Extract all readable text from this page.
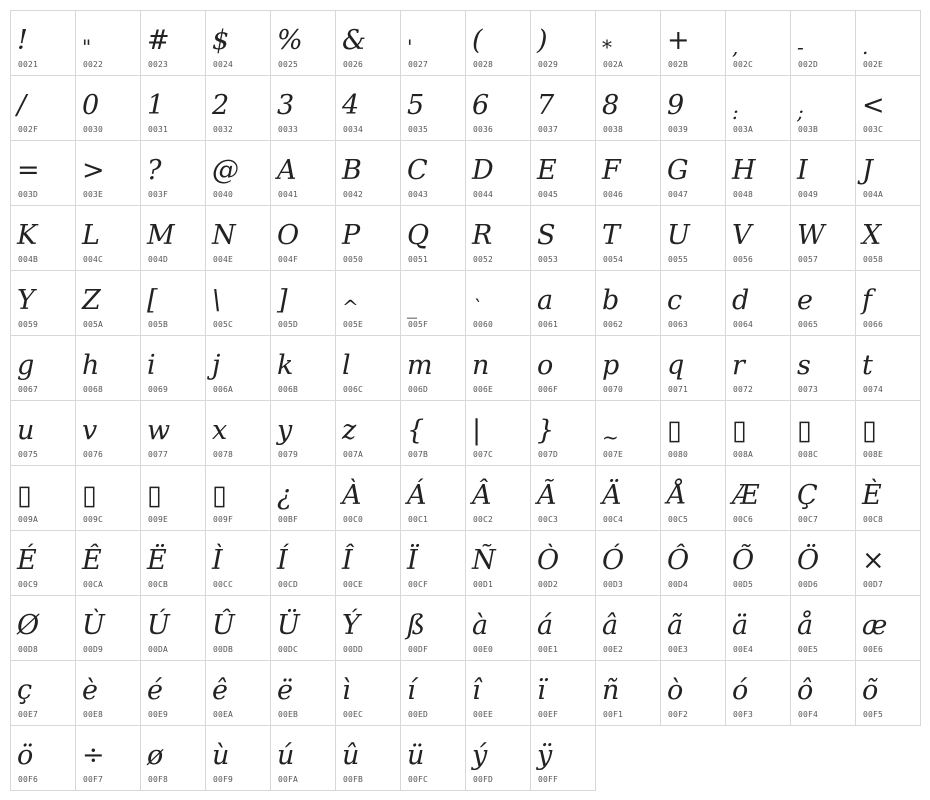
!
0021
"
0022
#
0023
$
0024
%
0025
&
0026
'
0027
(
0028
)
0029
*
002A
+
002B
,
002C
-
002D
.
002E
/
002F
0
0030
1
0031
2
0032
3
0033
4
0034
5
0035
6
0036
7
0037
8
0038
9
0039
:
003A
;
003B
<
003C
=
003D
>
003E
?
003F
@
0040
A
0041
B
0042
C
0043
D
0044
E
0045
F
0046
G
0047
H
0048
I
0049
J
004A
K
004B
L
004C
M
004D
N
004E
O
004F
P
0050
Q
0051
R
0052
S
0053
T
0054
U
0055
V
0056
W
0057
X
0058
Y
0059
Z
005A
[
005B
\
005C
]
005D
^
005E
_
005F
`
0060
a
0061
b
0062
c
0063
d
0064
e
0065
f
0066
g
0067
h
0068
i
0069
j
006A
k
006B
l
006C
m
006D
n
006E
o
006F
p
0070
q
0071
r
0072
s
0073
t
0074
u
0075
v
0076
w
0077
x
0078
y
0079
z
007A
{
007B
|
007C
}
007D
~
007E
▯
0080
▯
008A
▯
008C
▯
008E
▯
009A
▯
009C
▯
009E
▯
009F
¿
00BF
À
00C0
Á
00C1
Â
00C2
Ã
00C3
Ä
00C4
Å
00C5
Æ
00C6
Ç
00C7
È
00C8
É
00C9
Ê
00CA
Ë
00CB
Ì
00CC
Í
00CD
Î
00CE
Ï
00CF
Ñ
00D1
Ò
00D2
Ó
00D3
Ô
00D4
Õ
00D5
Ö
00D6
×
00D7
Ø
00D8
Ù
00D9
Ú
00DA
Û
00DB
Ü
00DC
Ý
00DD
ß
00DF
à
00E0
á
00E1
â
00E2
ã
00E3
ä
00E4
å
00E5
æ
00E6
ç
00E7
è
00E8
é
00E9
ê
00EA
ë
00EB
ì
00EC
í
00ED
î
00EE
ï
00EF
ñ
00F1
ò
00F2
ó
00F3
ô
00F4
õ
00F5
ö
00F6
÷
00F7
ø
00F8
ù
00F9
ú
00FA
û
00FB
ü
00FC
ý
00FD
ÿ
00FF
